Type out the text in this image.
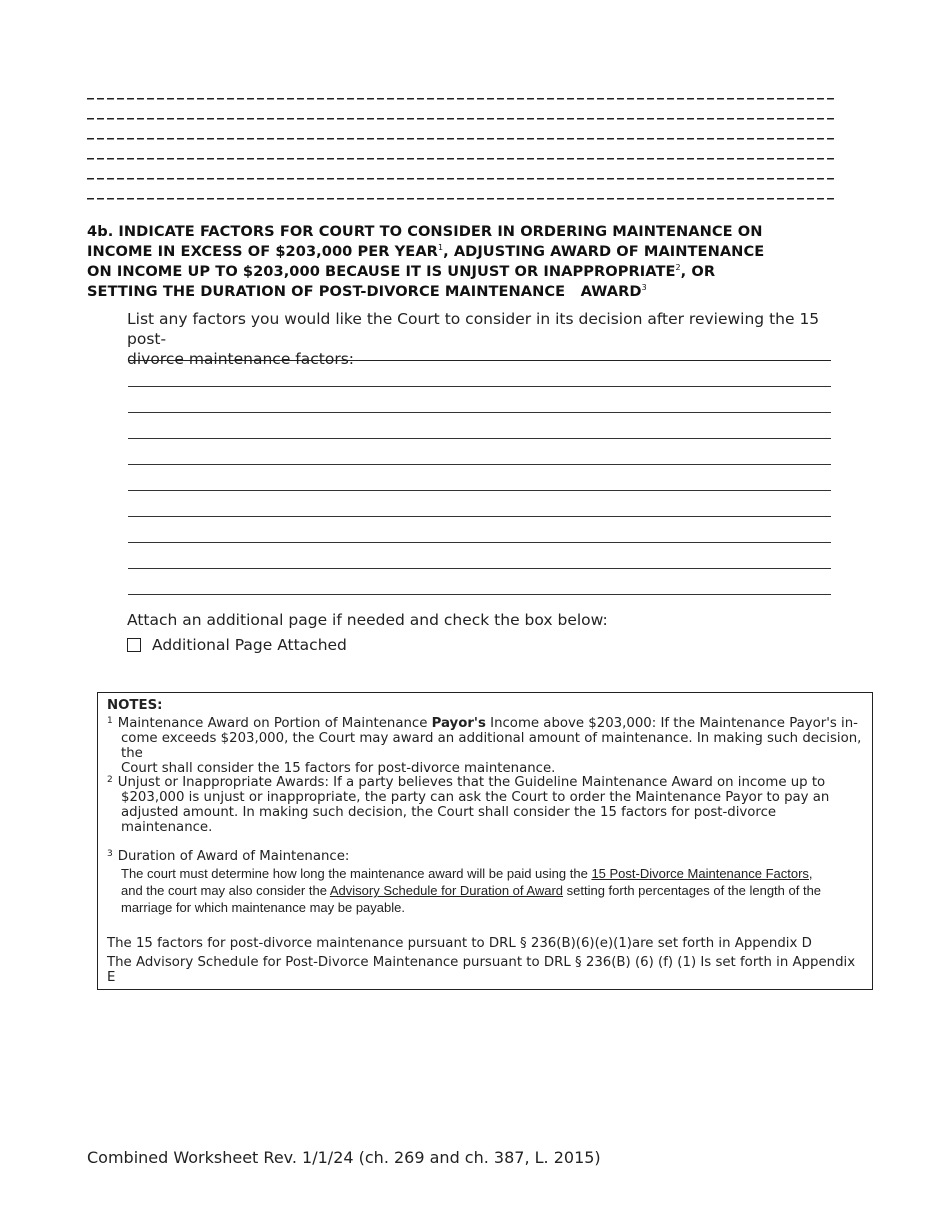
4b. INDICATE FACTORS FOR COURT TO CONSIDER IN ORDERING MAINTENANCE ON
INCOME IN EXCESS OF $203,000 PER YEAR$^1$, ADJUSTING AWARD OF MAINTENANCE
ON INCOME UP TO $203,000 BECAUSE IT IS UNJUST OR INAPPROPRIATE$^2$, OR
SETTING THE DURATION OF POST-DIVORCE MAINTENANCE   AWARD$^3$
List any factors you would like the Court to consider in its decision after reviewing the 15 post-
divorce maintenance factors:
Attach an additional page if needed and check the box below:
Additional Page Attached
NOTES:
$^1$ Maintenance Award on Portion of Maintenance Payor's Income above $203,000: If the Maintenance Payor's in-
come exceeds $203,000, the Court may award an additional amount of maintenance. In making such decision, the
Court shall consider the 15 factors for post-divorce maintenance.
$^2$ Unjust or Inappropriate Awards: If a party believes that the Guideline Maintenance Award on income up to
$203,000 is unjust or inappropriate, the party can ask the Court to order the Maintenance Payor to pay an
adjusted amount. In making such decision, the Court shall consider the 15 factors for post-divorce
maintenance.
$^3$ Duration of Award of Maintenance:
The court must determine how long the maintenance award will be paid using the 15 Post-Divorce Maintenance Factors,
and the court may also consider the Advisory Schedule for Duration of Award setting forth percentages of the length of the
marriage for which maintenance may be payable.
The 15 factors for post-divorce maintenance pursuant to DRL § 236(B)(6)(e)(1)are set forth in Appendix D
The Advisory Schedule for Post-Divorce Maintenance pursuant to DRL § 236(B) (6) (f) (1) Is set forth in Appendix E
Combined Worksheet Rev. 1/1/24 (ch. 269 and ch. 387, L. 2015)
